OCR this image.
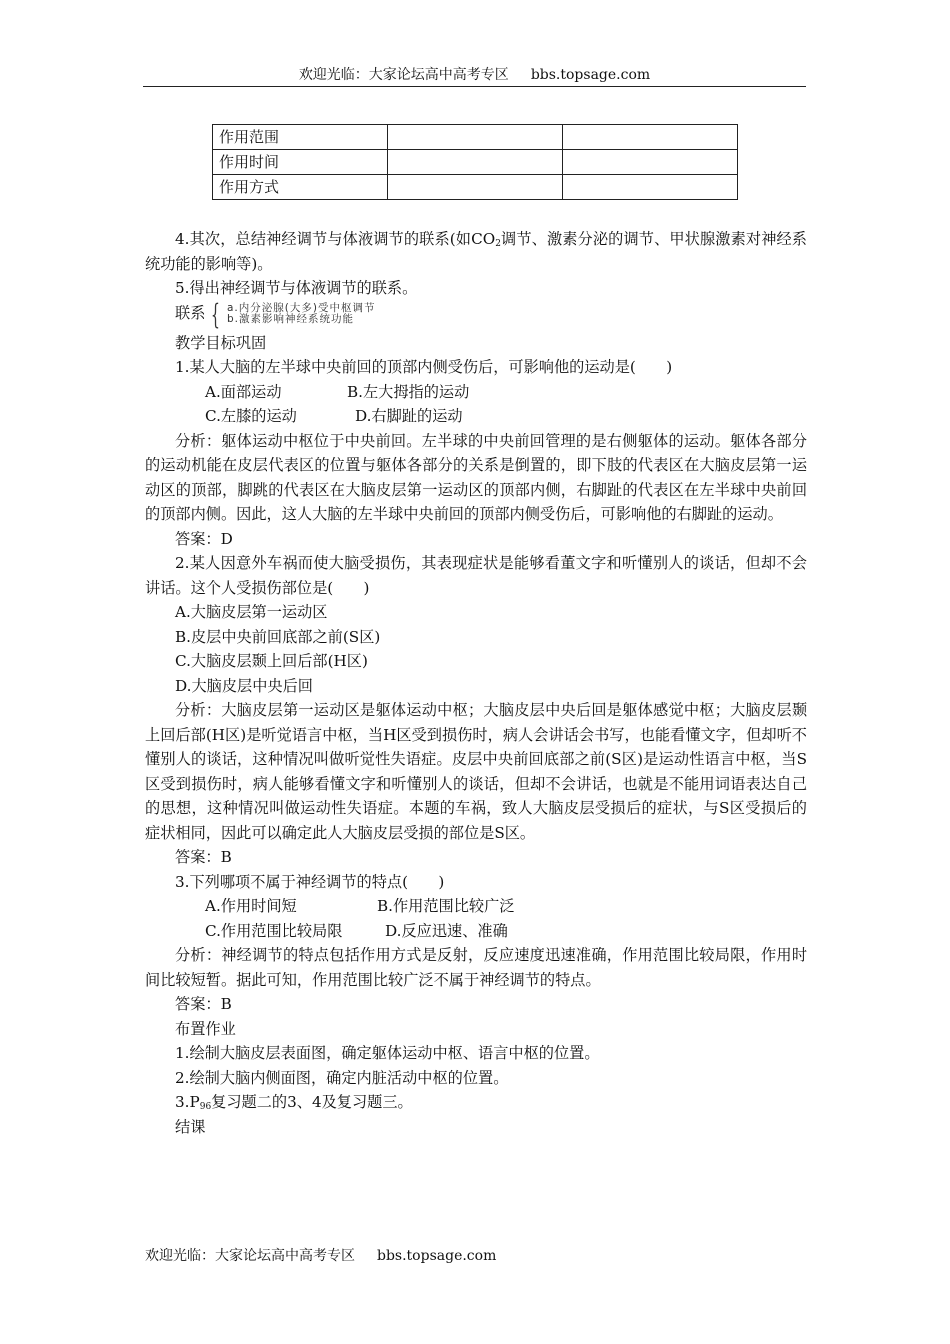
欢迎光临：大家论坛高中高考专区 bbs.topsage.com
作用范围		
作用时间		
作用方式		

4.其次，总结神经调节与体液调节的联系(如$CO_2$调节、激素分泌的调节、甲状腺激素对神经系统功能的影响等)。

5.得出神经调节与体液调节的联系。

联系 { a.内分泌腺(大多)受中枢调节
b.激素影响神经系统功能

教学目标巩固

1.某人大脑的左半球中央前回的顶部内侧受伤后，可影响他的运动是(　　)

A.面部运动	B.左大拇指的运动

C.左膝的运动	D.右脚趾的运动

分析：躯体运动中枢位于中央前回。左半球的中央前回管理的是右侧躯体的运动。躯体各部分的运动机能在皮层代表区的位置与躯体各部分的关系是倒置的，即下肢的代表区在大脑皮层第一运动区的顶部，脚跳的代表区在大脑皮层第一运动区的顶部内侧，右脚趾的代表区在左半球中央前回的顶部内侧。因此，这人大脑的左半球中央前回的顶部内侧受伤后，可影响他的右脚趾的运动。

答案：D

2.某人因意外车祸而使大脑受损伤，其表现症状是能够看董文字和听懂别人的谈话，但却不会讲话。这个人受损伤部位是(　　)

A.大脑皮层第一运动区

B.皮层中央前回底部之前(S区)

C.大脑皮层颞上回后部(H区)

D.大脑皮层中央后回

分析：大脑皮层第一运动区是躯体运动中枢；大脑皮层中央后回是躯体感觉中枢；大脑皮层颞上回后部(H区)是听觉语言中枢，当H区受到损伤时，病人会讲话会书写，也能看懂文字，但却听不懂别人的谈话，这种情况叫做听觉性失语症。皮层中央前回底部之前(S区)是运动性语言中枢，当S区受到损伤时，病人能够看懂文字和听懂别人的谈话，但却不会讲话，也就是不能用词语表达自己的思想，这种情况叫做运动性失语症。本题的车祸，致人大脑皮层受损后的症状，与S区受损后的症状相同，因此可以确定此人大脑皮层受损的部位是S区。

答案：B

3.下列哪项不属于神经调节的特点(　　)

A.作用时间短	B.作用范围比较广泛

C.作用范围比较局限	D.反应迅速、准确

分析：神经调节的特点包括作用方式是反射，反应速度迅速准确，作用范围比较局限，作用时间比较短暂。据此可知，作用范围比较广泛不属于神经调节的特点。

答案：B

布置作业

1.绘制大脑皮层表面图，确定躯体运动中枢、语言中枢的位置。

2.绘制大脑内侧面图，确定内脏活动中枢的位置。

$3.P_{96}$复习题二的3、4及复习题三。

结课

欢迎光临：大家论坛高中高考专区 bbs.topsage.com
